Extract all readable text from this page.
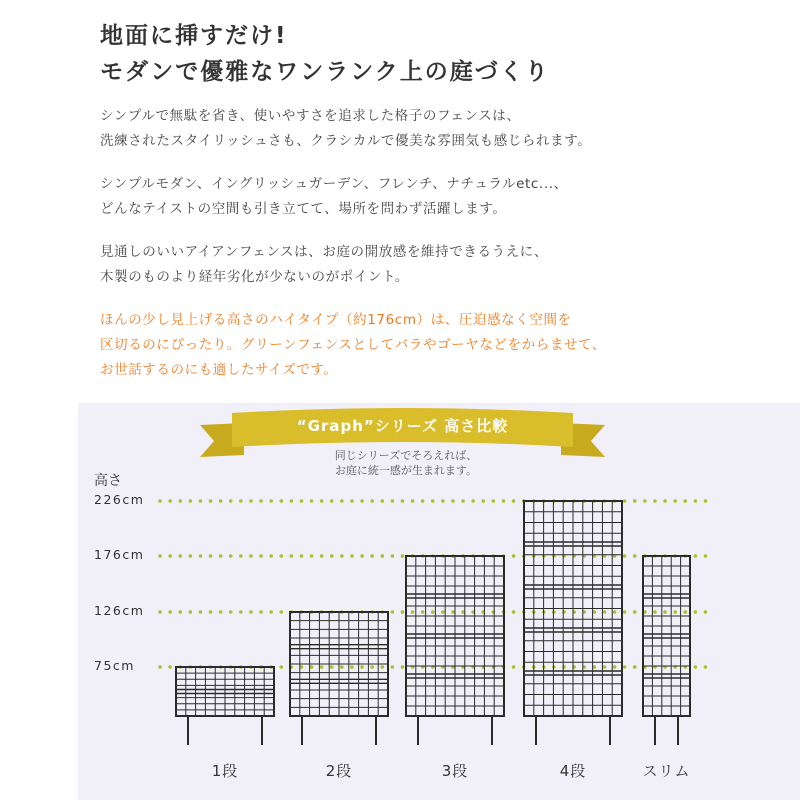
地面に挿すだけ!
モダンで優雅なワンランク上の庭づくり
シンプルで無駄を省き、使いやすさを追求した格子のフェンスは、
洗練されたスタイリッシュさも、クラシカルで優美な雰囲気も感じられます。
シンプルモダン、イングリッシュガーデン、フレンチ、ナチュラルetc...、
どんなテイストの空間も引き立てて、場所を問わず活躍します。
見通しのいいアイアンフェンスは、お庭の開放感を維持できるうえに、
木製のものより経年劣化が少ないのがポイント。
ほんの少し見上げる高さのハイタイプ（約176cm）は、圧迫感なく空間を
区切るのにぴったり。グリーンフェンスとしてバラやゴーヤなどをからませて、
お世話するのにも適したサイズです。
“Graph”シリーズ 高さ比較
同じシリーズでそろえれば、
お庭に統一感が生まれます。
高さ
226cm
176cm
126cm
75cm
1段	2段	3段	4段	スリム
